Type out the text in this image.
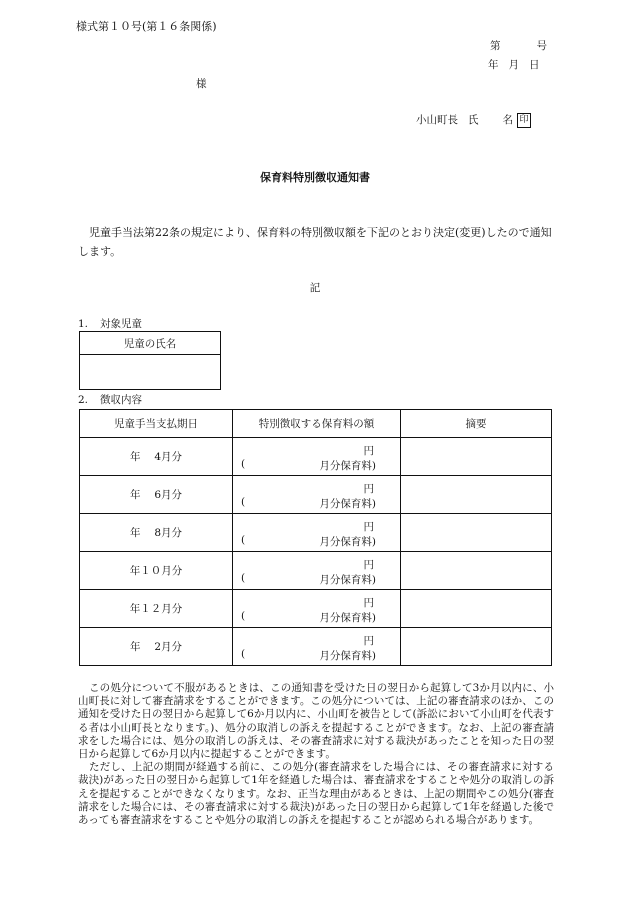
様式第１０号(第１６条関係)
第	号
年 月 日
様
小山町長 氏 名 印
保育料特別徴収通知書
児童手当法第22条の規定により、保育料の特別徴収額を下記のとおり決定(変更)したので通知します。
記
1. 対象児童
児童の氏名

2. 徴収内容
児童手当支払期日	特別徴収する保育料の額	摘要
年　 4月分	円
( 月分保育料)	

年　 6月分	円
( 月分保育料)	

年　 8月分	円
( 月分保育料)	

年１０月分	円
( 月分保育料)	

年１２月分	円
( 月分保育料)	

年　 2月分	円
( 月分保育料)	

この処分について不服があるときは、この通知書を受けた日の翌日から起算して3か月以内に、小山町長に対して審査請求をすることができます。この処分については、上記の審査請求のほか、この通知を受けた日の翌日から起算して6か月以内に、小山町を被告として(訴訟において小山町を代表する者は小山町長となります。)、処分の取消しの訴えを提起することができます。なお、上記の審査請求をした場合には、処分の取消しの訴えは、その審査請求に対する裁決があったことを知った日の翌日から起算して6か月以内に提起することができます。

ただし、上記の期間が経過する前に、この処分(審査請求をした場合には、その審査請求に対する裁決)があった日の翌日から起算して1年を経過した場合は、審査請求をすることや処分の取消しの訴えを提起することができなくなります。なお、正当な理由があるときは、上記の期間やこの処分(審査請求をした場合には、その審査請求に対する裁決)があった日の翌日から起算して1年を経過した後であっても審査請求をすることや処分の取消しの訴えを提起することが認められる場合があります。
